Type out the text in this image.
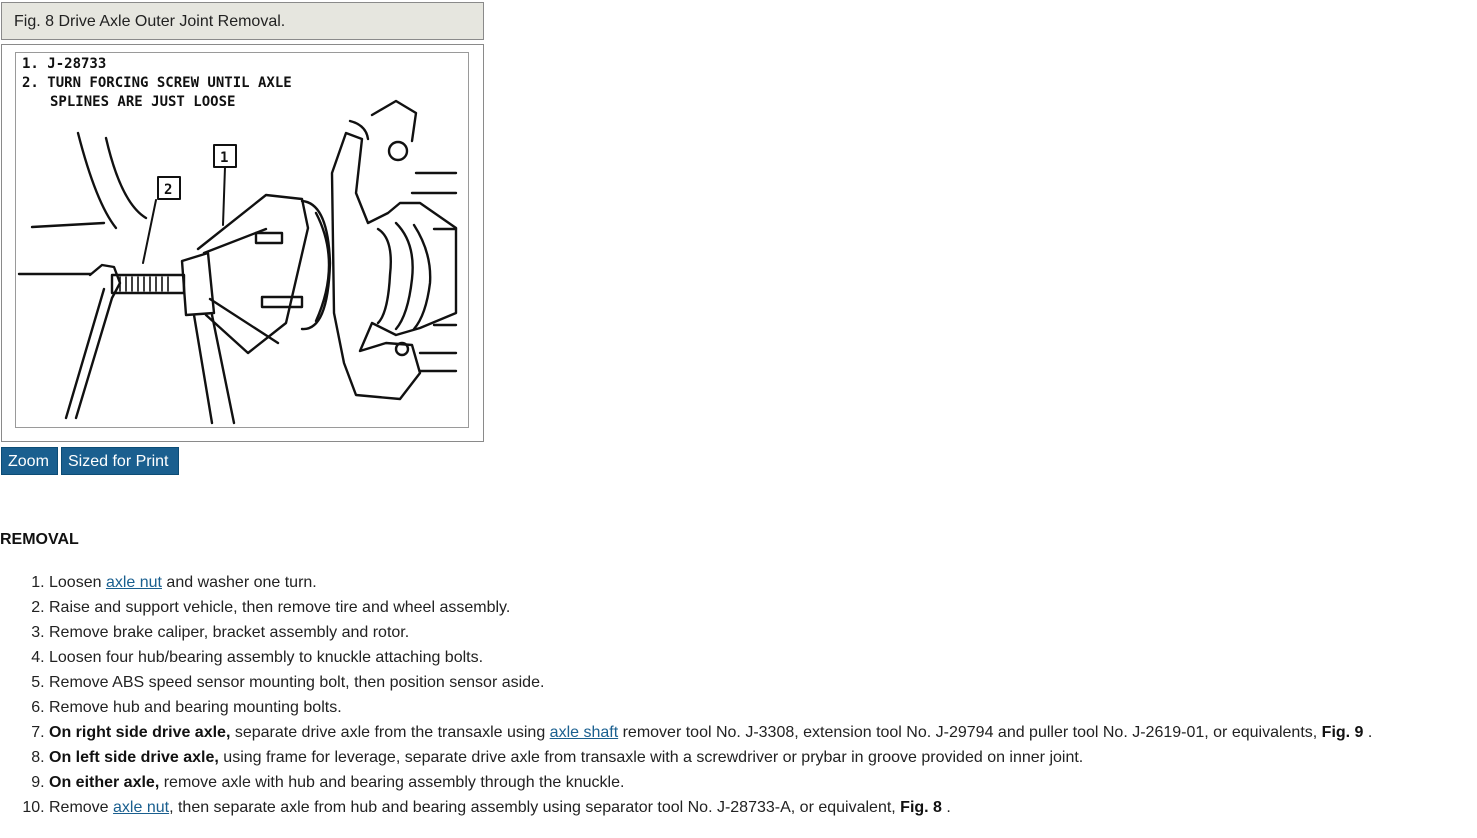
Fig. 8 Drive Axle Outer Joint Removal.
1. J-28733
2. TURN FORCING SCREW UNTIL AXLE
SPLINES ARE JUST LOOSE
1
2
Zoom	Sized for Print
REMOVAL
1. Loosen axle nut and washer one turn.
2. Raise and support vehicle, then remove tire and wheel assembly.
3. Remove brake caliper, bracket assembly and rotor.
4. Loosen four hub/bearing assembly to knuckle attaching bolts.
5. Remove ABS speed sensor mounting bolt, then position sensor aside.
6. Remove hub and bearing mounting bolts.
7. On right side drive axle, separate drive axle from the transaxle using axle shaft remover tool No. J-3308, extension tool No. J-29794 and puller tool No. J-2619-01, or equivalents, Fig. 9 .
8. On left side drive axle, using frame for leverage, separate drive axle from transaxle with a screwdriver or prybar in groove provided on inner joint.
9. On either axle, remove axle with hub and bearing assembly through the knuckle.
10. Remove axle nut, then separate axle from hub and bearing assembly using separator tool No. J-28733-A, or equivalent, Fig. 8 .
